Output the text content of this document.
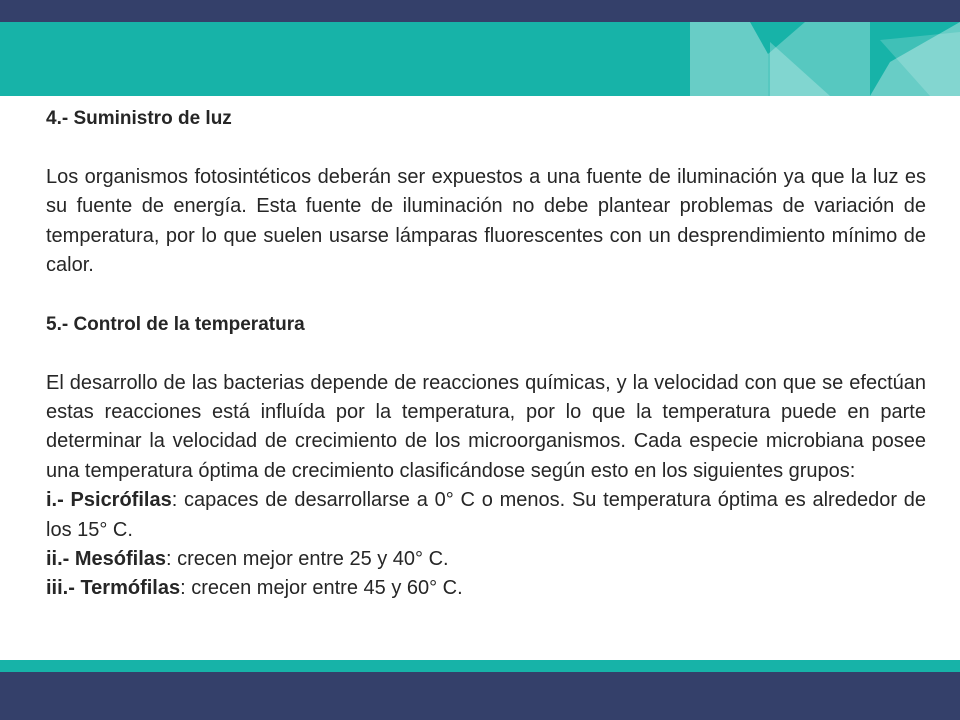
4.- Suministro de luz

Los organismos fotosintéticos deberán ser expuestos a una fuente de iluminación ya que la luz es su fuente de energía. Esta fuente de iluminación no debe plantear problemas de variación de temperatura, por lo que suelen usarse lámparas fluorescentes con un desprendimiento mínimo de calor.

5.- Control de la temperatura

El desarrollo de las bacterias depende de reacciones químicas, y la velocidad con que se efectúan estas reacciones está influída por la temperatura, por lo que la temperatura puede en parte determinar la velocidad de crecimiento de los microorganismos. Cada especie microbiana posee una temperatura óptima de crecimiento clasificándose según esto en los siguientes grupos:

i.- Psicrófilas: capaces de desarrollarse a 0° C o menos. Su temperatura óptima es alrededor de los 15° C.

ii.- Mesófilas: crecen mejor entre 25 y 40° C.

iii.- Termófilas: crecen mejor entre 45 y 60° C.
